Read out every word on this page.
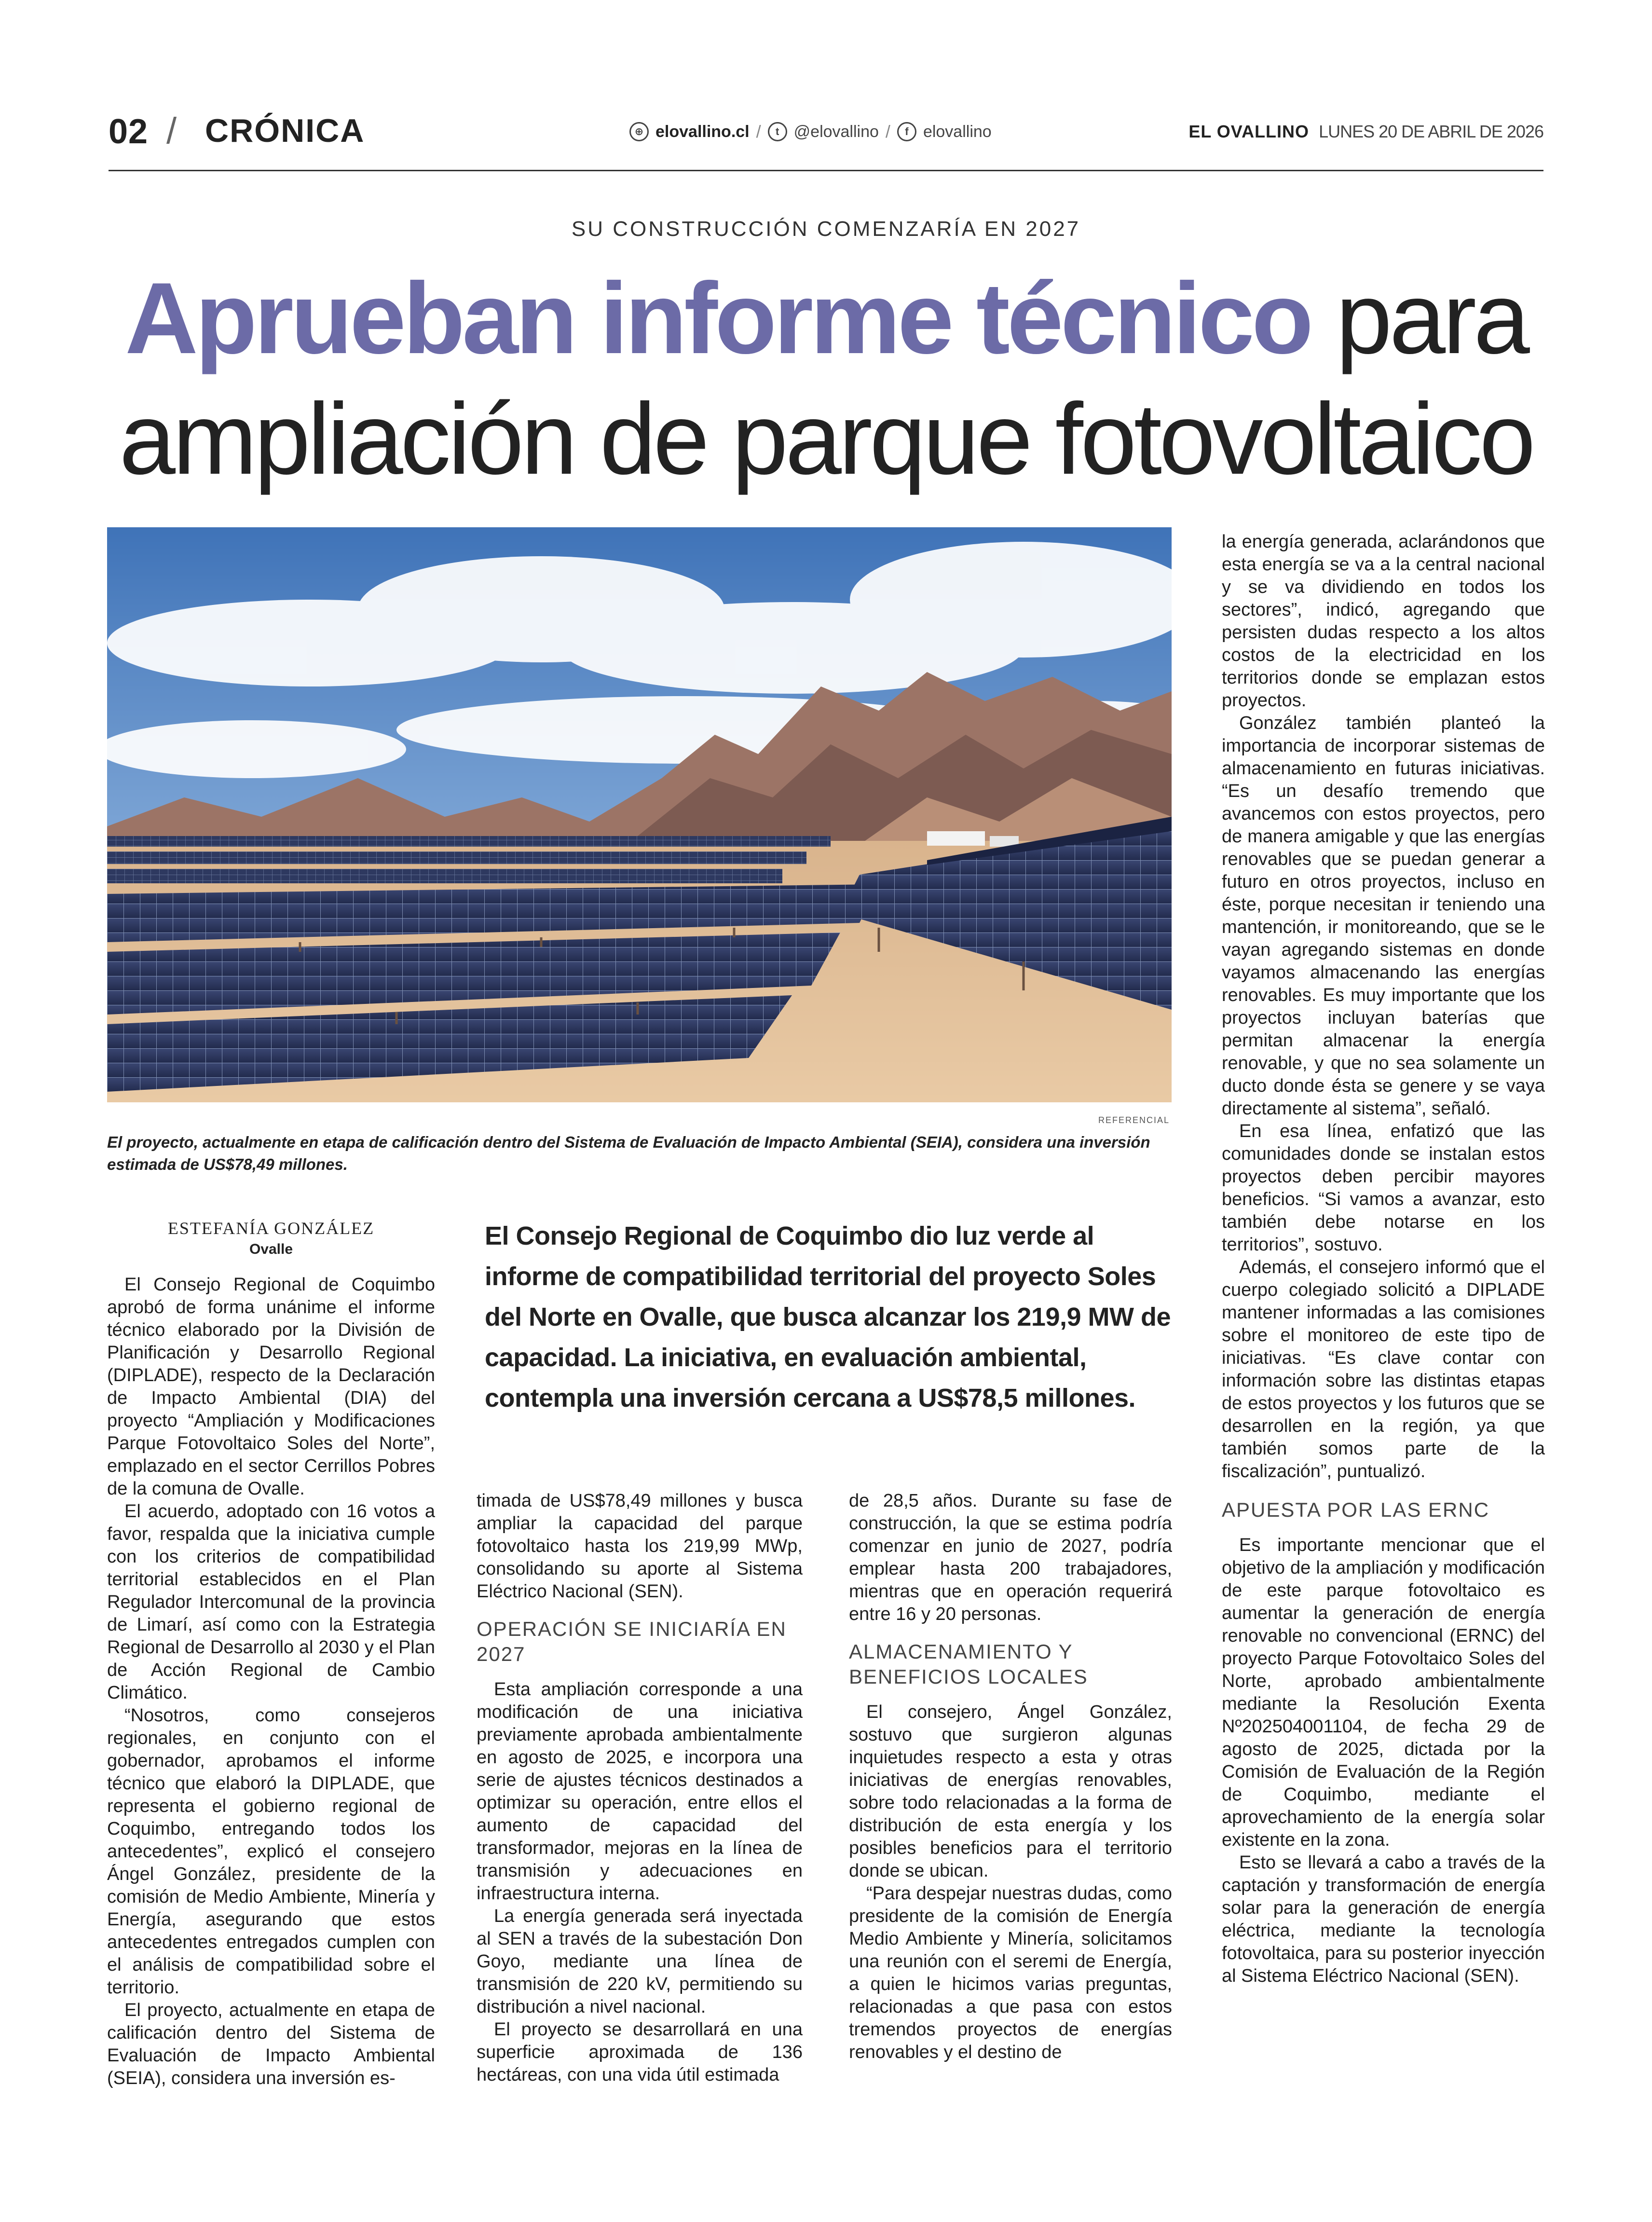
02 / CRÓNICA	⊕ elovallino.cl /	t @elovallino /	f elovallino	EL OVALLINO LUNES 20 DE ABRIL DE 2026
SU CONSTRUCCIÓN COMENZARÍA EN 2027
Aprueban informe técnico para
ampliación de parque fotovoltaico
REFERENCIAL
El proyecto, actualmente en etapa de calificación dentro del Sistema de Evaluación de Impacto Ambiental (SEIA), considera una inversión estimada de US$78,49 millones.
ESTEFANÍA GONZÁLEZ
Ovalle	El Consejo Regional de Coquimbo dio luz verde al informe de compatibilidad territorial del proyecto Soles del Norte en Ovalle, que busca alcanzar los 219,9 MW de capacidad. La iniciativa, en evaluación ambiental, contempla una inversión cercana a US$78,5 millones.

El Consejo Regional de Coquimbo aprobó de forma unánime el informe técnico elaborado por la División de Planificación y Desarrollo Regional (DIPLADE), respecto de la Declaración de Impacto Ambiental (DIA) del proyecto “Ampliación y Modificaciones Parque Fotovoltaico Soles del Norte”, emplazado en el sector Cerrillos Pobres de la comuna de Ovalle.

El acuerdo, adoptado con 16 votos a favor, respalda que la iniciativa cumple con los criterios de compatibilidad territorial establecidos en el Plan Regulador Intercomunal de la provincia de Limarí, así como con la Estrategia Regional de Desarrollo al 2030 y el Plan de Acción Regional de Cambio Climático.

“Nosotros, como consejeros regionales, en conjunto con el gobernador, aprobamos el informe técnico que elaboró la DIPLADE, que representa el gobierno regional de Coquimbo, entregando todos los antecedentes”, explicó el consejero Ángel González, presidente de la comisión de Medio Ambiente, Minería y Energía, asegurando que estos antecedentes entregados cumplen con el análisis de compatibilidad sobre el territorio.

El proyecto, actualmente en etapa de calificación dentro del Sistema de Evaluación de Impacto Ambiental (SEIA), considera una inversión es-

timada de US$78,49 millones y busca ampliar la capacidad del parque fotovoltaico hasta los 219,99 MWp, consolidando su aporte al Sistema Eléctrico Nacional (SEN).

OPERACIÓN SE INICIARÍA EN 2027

Esta ampliación corresponde a una modificación de una iniciativa previamente aprobada ambientalmente en agosto de 2025, e incorpora una serie de ajustes técnicos destinados a optimizar su operación, entre ellos el aumento de capacidad del transformador, mejoras en la línea de transmisión y adecuaciones en infraestructura interna.

La energía generada será inyectada al SEN a través de la subestación Don Goyo, mediante una línea de transmisión de 220 kV, permitiendo su distribución a nivel nacional.

El proyecto se desarrollará en una superficie aproximada de 136 hectáreas, con una vida útil estimada

de 28,5 años. Durante su fase de construcción, la que se estima podría comenzar en junio de 2027, podría emplear hasta 200 trabajadores, mientras que en operación requerirá entre 16 y 20 personas.

ALMACENAMIENTO Y BENEFICIOS LOCALES

El consejero, Ángel González, sostuvo que surgieron algunas inquietudes respecto a esta y otras iniciativas de energías renovables, sobre todo relacionadas a la forma de distribución de esta energía y los posibles beneficios para el territorio donde se ubican.

“Para despejar nuestras dudas, como presidente de la comisión de Energía Medio Ambiente y Minería, solicitamos una reunión con el seremi de Energía, a quien le hicimos varias preguntas, relacionadas a que pasa con estos tremendos proyectos de energías renovables y el destino de

la energía generada, aclarándonos que esta energía se va a la central nacional y se va dividiendo en todos los sectores”, indicó, agregando que persisten dudas respecto a los altos costos de la electricidad en los territorios donde se emplazan estos proyectos.

González también planteó la importancia de incorporar sistemas de almacenamiento en futuras iniciativas. “Es un desafío tremendo que avancemos con estos proyectos, pero de manera amigable y que las energías renovables que se puedan generar a futuro en otros proyectos, incluso en éste, porque necesitan ir teniendo una mantención, ir monitoreando, que se le vayan agregando sistemas en donde vayamos almacenando las energías renovables. Es muy importante que los proyectos incluyan baterías que permitan almacenar la energía renovable, y que no sea solamente un ducto donde ésta se genere y se vaya directamente al sistema”, señaló.

En esa línea, enfatizó que las comunidades donde se instalan estos proyectos deben percibir mayores beneficios. “Si vamos a avanzar, esto también debe notarse en los territorios”, sostuvo.

Además, el consejero informó que el cuerpo colegiado solicitó a DIPLADE mantener informadas a las comisiones sobre el monitoreo de este tipo de iniciativas. “Es clave contar con información sobre las distintas etapas de estos proyectos y los futuros que se desarrollen en la región, ya que también somos parte de la fiscalización”, puntualizó.

APUESTA POR LAS ERNC

Es importante mencionar que el objetivo de la ampliación y modificación de este parque fotovoltaico es aumentar la generación de energía renovable no convencional (ERNC) del proyecto Parque Fotovoltaico Soles del Norte, aprobado ambientalmente mediante la Resolución Exenta Nº202504001104, de fecha 29 de agosto de 2025, dictada por la Comisión de Evaluación de la Región de Coquimbo, mediante el aprovechamiento de la energía solar existente en la zona.

Esto se llevará a cabo a través de la captación y transformación de energía solar para la generación de energía eléctrica, mediante la tecnología fotovoltaica, para su posterior inyección al Sistema Eléctrico Nacional (SEN).
